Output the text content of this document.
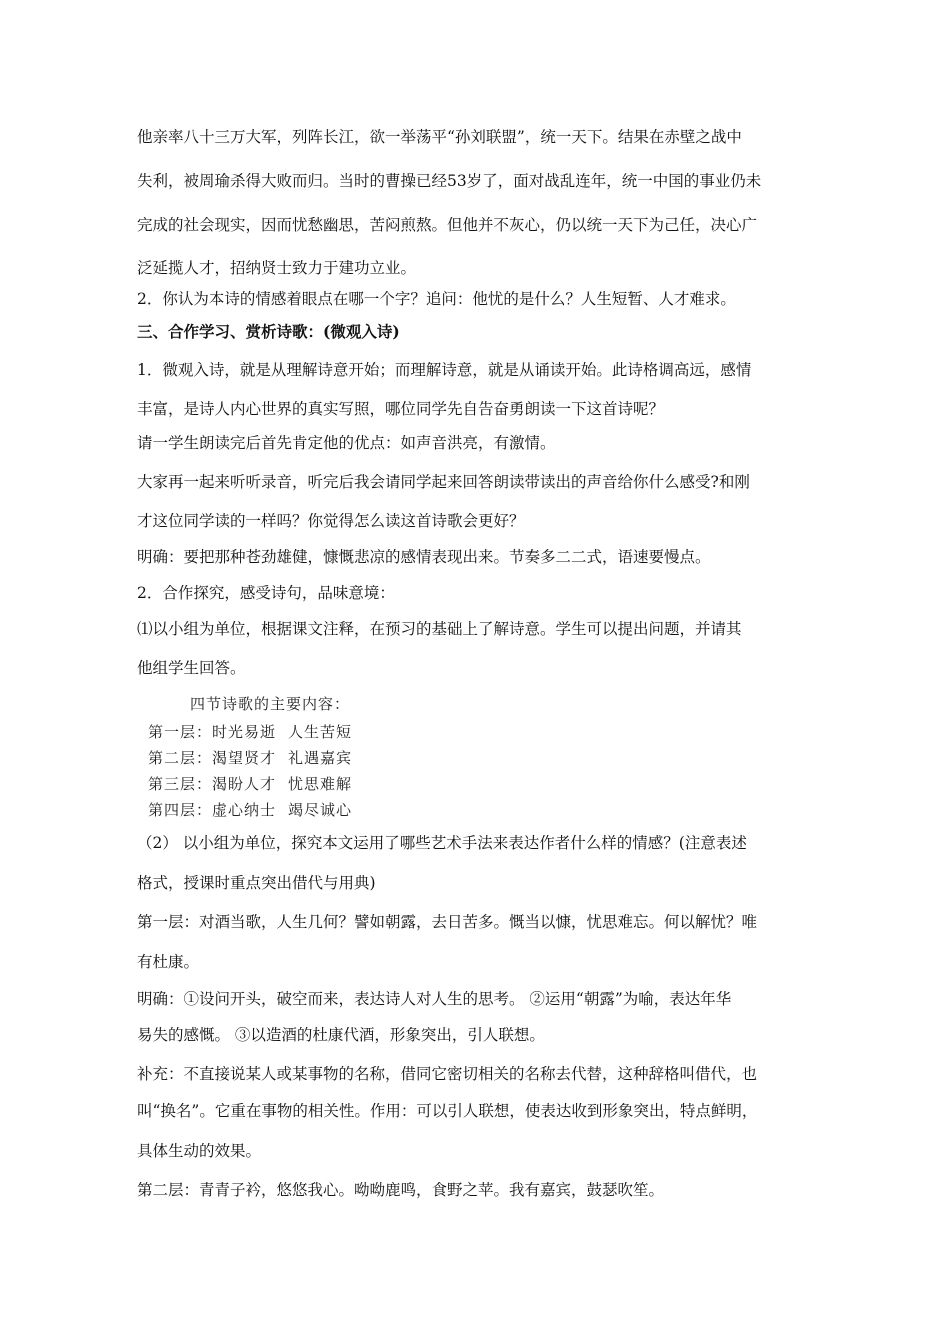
他亲率八十三万大军，列阵长江，欲一举荡平“孙刘联盟”，统一天下。结果在赤壁之战中
失利，被周瑜杀得大败而归。当时的曹操已经53岁了，面对战乱连年，统一中国的事业仍未
完成的社会现实，因而忧愁幽思，苦闷煎熬。但他并不灰心，仍以统一天下为己任，决心广
泛延揽人才，招纳贤士致力于建功立业。
2．你认为本诗的情感着眼点在哪一个字？追问：他忧的是什么？人生短暂、人才难求。
三、合作学习、赏析诗歌：(微观入诗)
1．微观入诗，就是从理解诗意开始；而理解诗意，就是从诵读开始。此诗格调高远，感情
丰富，是诗人内心世界的真实写照，哪位同学先自告奋勇朗读一下这首诗呢？
请一学生朗读完后首先肯定他的优点：如声音洪亮，有激情。
大家再一起来听听录音，听完后我会请同学起来回答朗读带读出的声音给你什么感受?和刚
才这位同学读的一样吗？你觉得怎么读这首诗歌会更好？
明确：要把那种苍劲雄健，慷慨悲凉的感情表现出来。节奏多二二式，语速要慢点。
2．合作探究，感受诗句，品味意境：
⑴以小组为单位，根据课文注释，在预习的基础上了解诗意。学生可以提出问题，并请其
他组学生回答。
四节诗歌的主要内容：
第一层：时光易逝 人生苦短
第二层：渴望贤才 礼遇嘉宾
第三层：渴盼人才 忧思难解
第四层：虚心纳士 竭尽诚心
（2） 以小组为单位，探究本文运用了哪些艺术手法来表达作者什么样的情感？(注意表述
格式，授课时重点突出借代与用典)
第一层：对酒当歌，人生几何？譬如朝露，去日苦多。慨当以慷，忧思难忘。何以解忧？唯
有杜康。
明确：①设问开头，破空而来，表达诗人对人生的思考。 ②运用“朝露”为喻，表达年华
易失的感慨。 ③以造酒的杜康代酒，形象突出，引人联想。
补充：不直接说某人或某事物的名称，借同它密切相关的名称去代替，这种辞格叫借代，也
叫“换名”。它重在事物的相关性。作用：可以引人联想，使表达收到形象突出，特点鲜明，
具体生动的效果。
第二层：青青子衿，悠悠我心。呦呦鹿鸣，食野之苹。我有嘉宾，鼓瑟吹笙。
